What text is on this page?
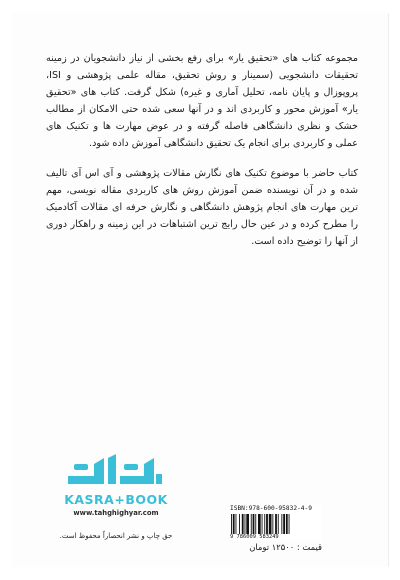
مجموعه کتاب های «تحقیق یار» برای رفع بخشی از نیاز دانشجویان در زمینه تحقیقات دانشجویی (سمینار و روش تحقیق، مقاله علمی پژوهشی و ISI، پروپوزال و پایان نامه، تحلیل آماری و غیره) شکل گرفت. کتاب های «تحقیق یار» آموزش محور و کاربردی اند و در آنها سعی شده حتی الامکان از مطالب خشک و نظری دانشگاهی فاصله گرفته و در عوض مهارت ها و تکنیک های عملی و کاربردی برای انجام یک تحقیق دانشگاهی آموزش داده شود.

کتاب حاضر با موضوع تکنیک های نگارش مقالات پژوهشی و آی اس آی تالیف شده و در آن نویسنده ضمن آموزش روش های کاربردی مقاله نویسی، مهم ترین مهارت های انجام پژوهش دانشگاهی و نگارش حرفه ای مقالات آکادمیک را مطرح کرده و در عین حال رایج ترین اشتباهات در این زمینه و راهکار دوری از آنها را توضیح داده است.

KASRA+BOOK
www.tahghighyar.com
حق چاپ و نشر انحصاراً محفوظ است.
ISBN:978-600-95832-4-9
9 786009 583249
قیمت : ۱۲۵۰۰ تومان
